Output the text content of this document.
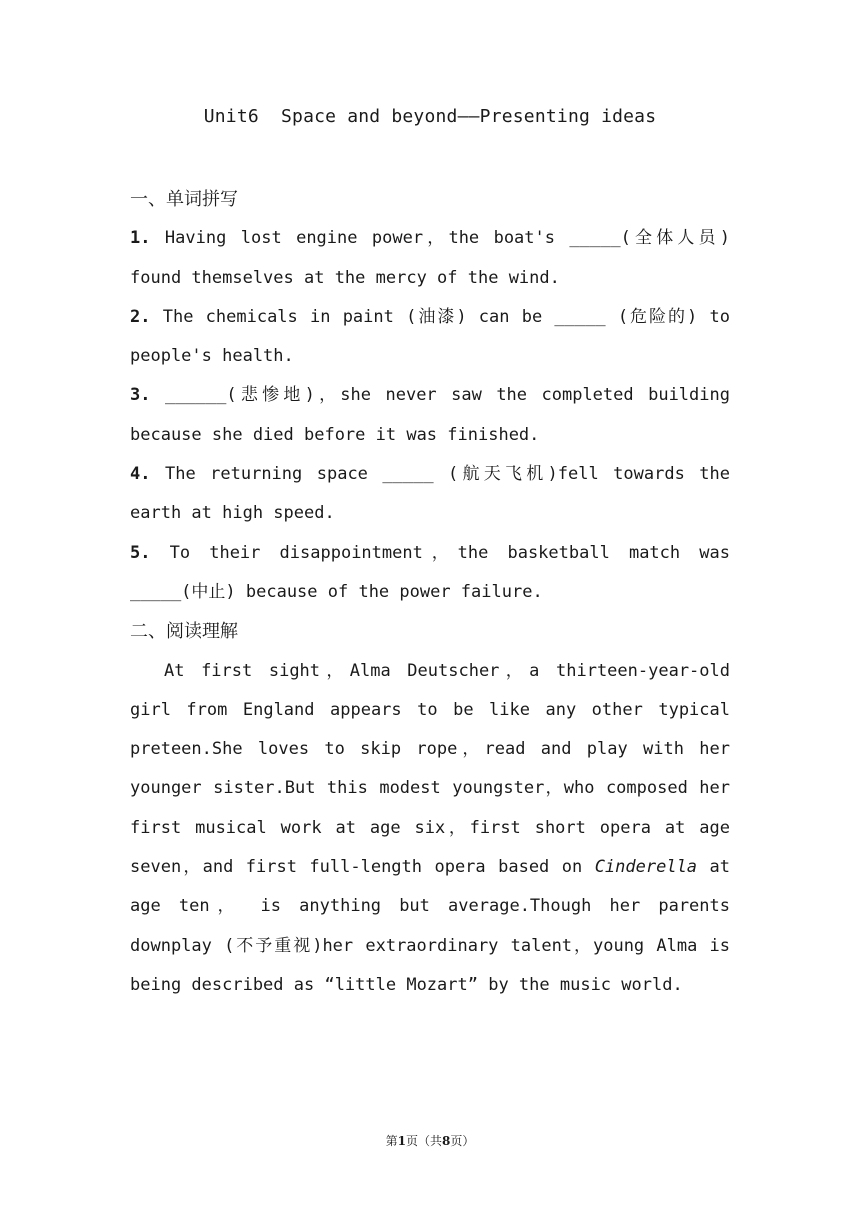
Unit6  Space and beyond——Presenting ideas
一、单词拼写
1. Having lost engine power，the boat's _____(全体人员) found themselves at the mercy of the wind.
2. The chemicals in paint (油漆) can be _____ (危险的) to people's health.
3. ______(悲惨地)，she never saw the completed building because she died before it was finished.
4. The returning space _____ (航天飞机)fell towards the earth at high speed.
5. To their disappointment，the basketball match was _____(中止) because of the power failure.
二、阅读理解
At first sight，Alma Deutscher，a thirteen-year-old girl from England appears to be like any other typical preteen.She loves to skip rope，read and play with her younger sister.But this modest youngster，who composed her first musical work at age six，first short opera at age seven，and first full-length opera based on Cinderella at age ten， is anything but average.Though her parents downplay (不予重视)her extraordinary talent，young Alma is being described as “little Mozart” by the music world.
第1页（共8页）
